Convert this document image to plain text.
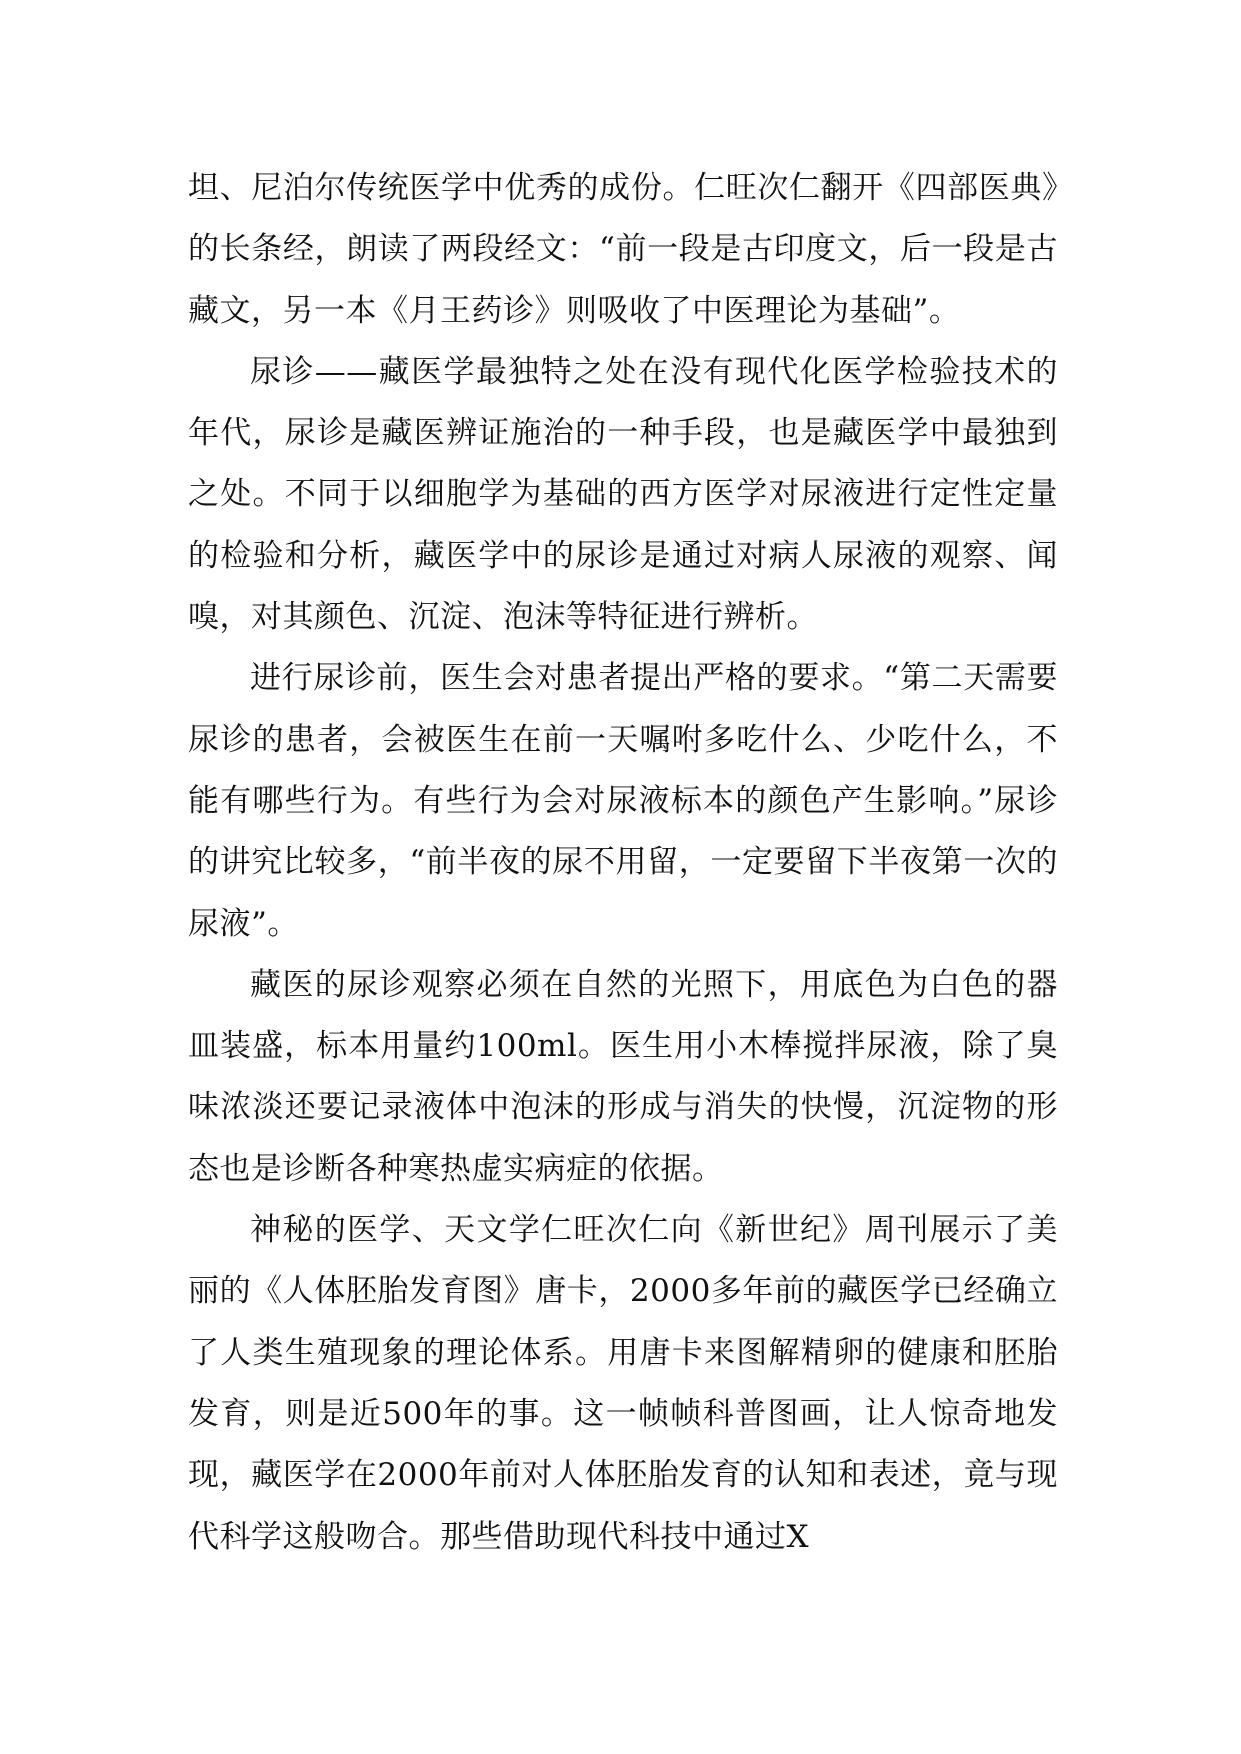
坦、尼泊尔传统医学中优秀的成份。仁旺次仁翻开《四部医典》的长条经，朗读了两段经文：“前一段是古印度文，后一段是古藏文，另一本《月王药诊》则吸收了中医理论为基础”。

尿诊——藏医学最独特之处在没有现代化医学检验技术的年代，尿诊是藏医辨证施治的一种手段，也是藏医学中最独到之处。不同于以细胞学为基础的西方医学对尿液进行定性定量的检验和分析，藏医学中的尿诊是通过对病人尿液的观察、闻嗅，对其颜色、沉淀、泡沫等特征进行辨析。

进行尿诊前，医生会对患者提出严格的要求。“第二天需要尿诊的患者，会被医生在前一天嘱咐多吃什么、少吃什么，不能有哪些行为。有些行为会对尿液标本的颜色产生影响。”尿诊的讲究比较多，“前半夜的尿不用留，一定要留下半夜第一次的尿液”。

藏医的尿诊观察必须在自然的光照下，用底色为白色的器皿装盛，标本用量约100ml。医生用小木棒搅拌尿液，除了臭味浓淡还要记录液体中泡沫的形成与消失的快慢，沉淀物的形态也是诊断各种寒热虚实病症的依据。

神秘的医学、天文学仁旺次仁向《新世纪》周刊展示了美丽的《人体胚胎发育图》唐卡，2000多年前的藏医学已经确立了人类生殖现象的理论体系。用唐卡来图解精卵的健康和胚胎发育，则是近500年的事。这一帧帧科普图画，让人惊奇地发现，藏医学在2000年前对人体胚胎发育的认知和表述，竟与现代科学这般吻合。那些借助现代科技中通过X
